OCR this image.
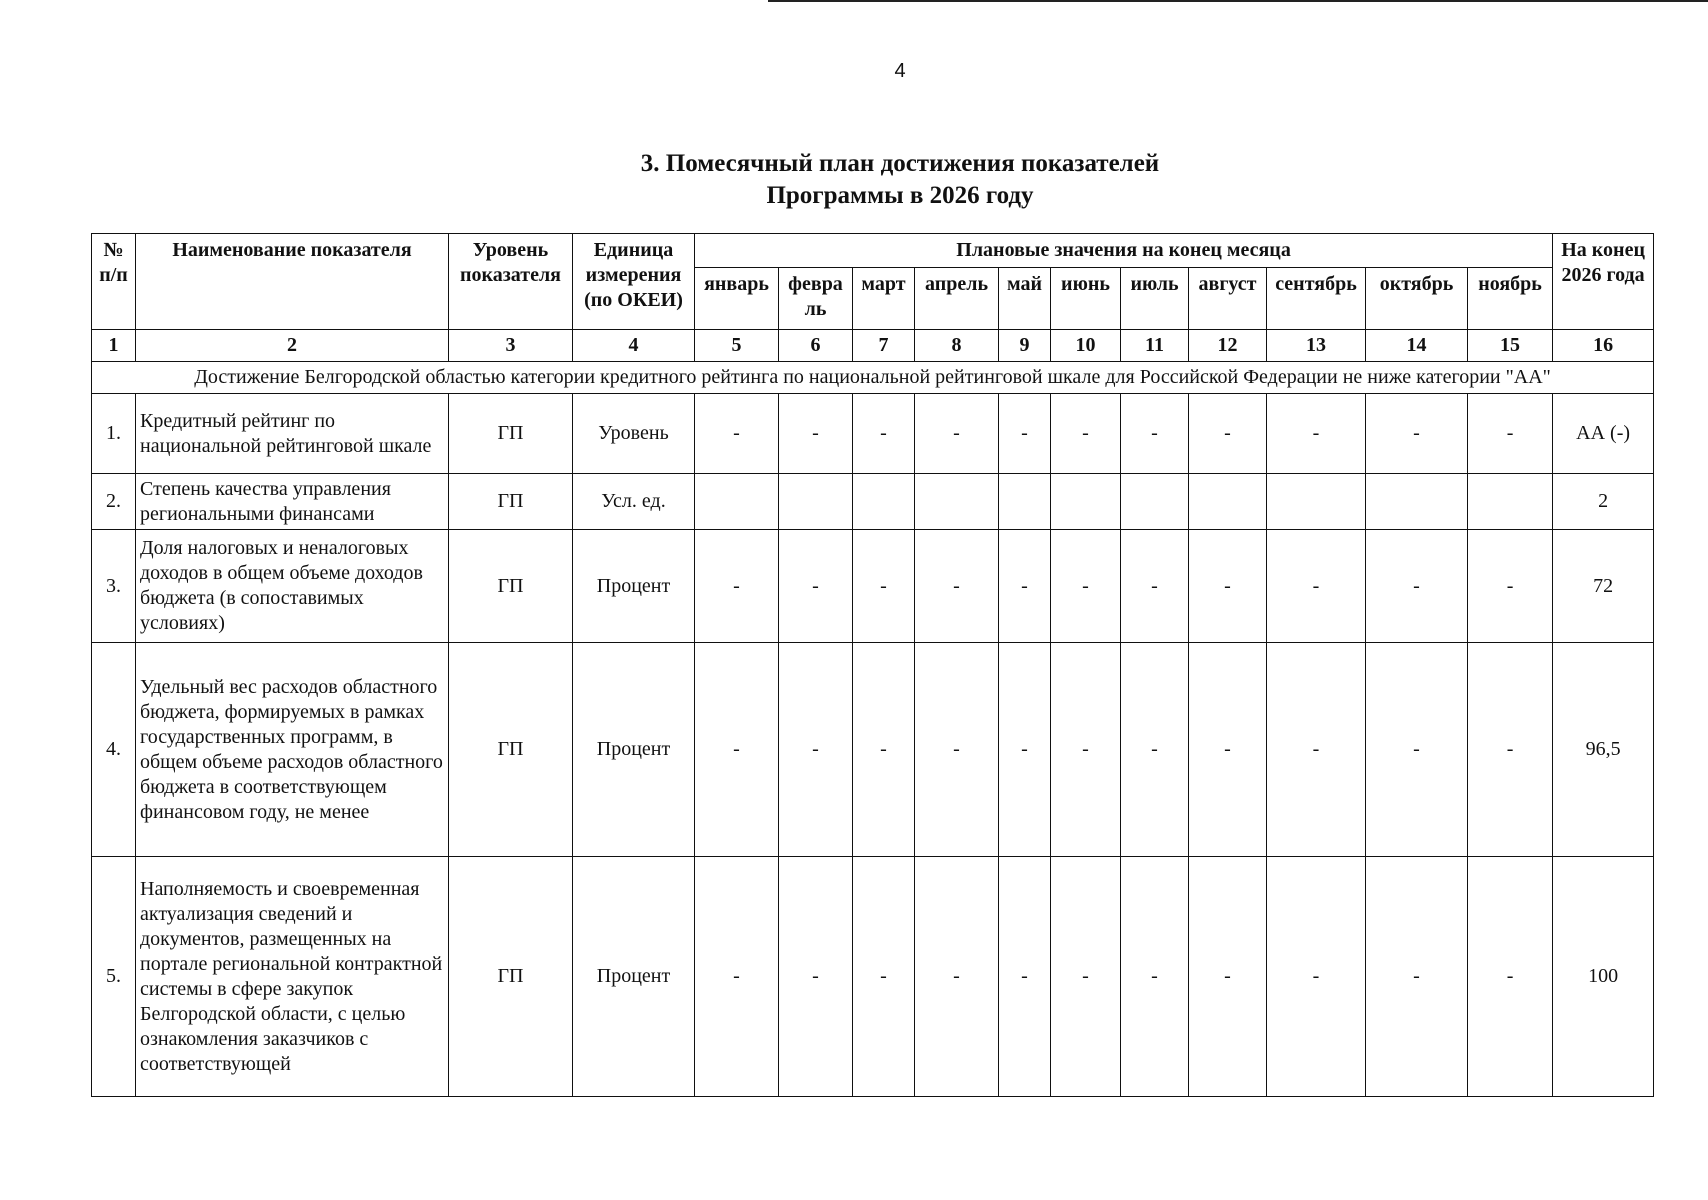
4
3. Помесячный план достижения показателей
Программы в 2026 году
№ п/п	Наименование показателя	Уровень показателя	Единица измерения (по ОКЕИ)	Плановые значения на конец месяца											На конец 2026 года
				январь	февра ль	март	апрель	май	июнь	июль	август	сентябрь	октябрь	ноябрь	
1	2	3	4	5	6	7	8	9	10	11	12	13	14	15	16
Достижение Белгородской областью категории кредитного рейтинга по национальной рейтинговой шкале для Российской Федерации не ниже категории "АА"															
1.	Кредитный рейтинг по национальной рейтинговой шкале	ГП	Уровень	-	-	-	-	-	-	-	-	-	-	-	АА (-)
2.	Степень качества управления региональными финансами	ГП	Усл. ед.												2
3.	Доля налоговых и неналоговых доходов в общем объеме доходов бюджета (в сопоставимых условиях)	ГП	Процент	-	-	-	-	-	-	-	-	-	-	-	72
4.	Удельный вес расходов областного бюджета, формируемых в рамках государственных программ, в общем объеме расходов областного бюджета в соответствующем финансовом году, не менее	ГП	Процент	-	-	-	-	-	-	-	-	-	-	-	96,5
5.	Наполняемость и своевременная актуализация сведений и документов, размещенных на портале региональной контрактной системы в сфере закупок Белгородской области, с целью ознакомления заказчиков с соответствующей	ГП	Процент	-	-	-	-	-	-	-	-	-	-	-	100
